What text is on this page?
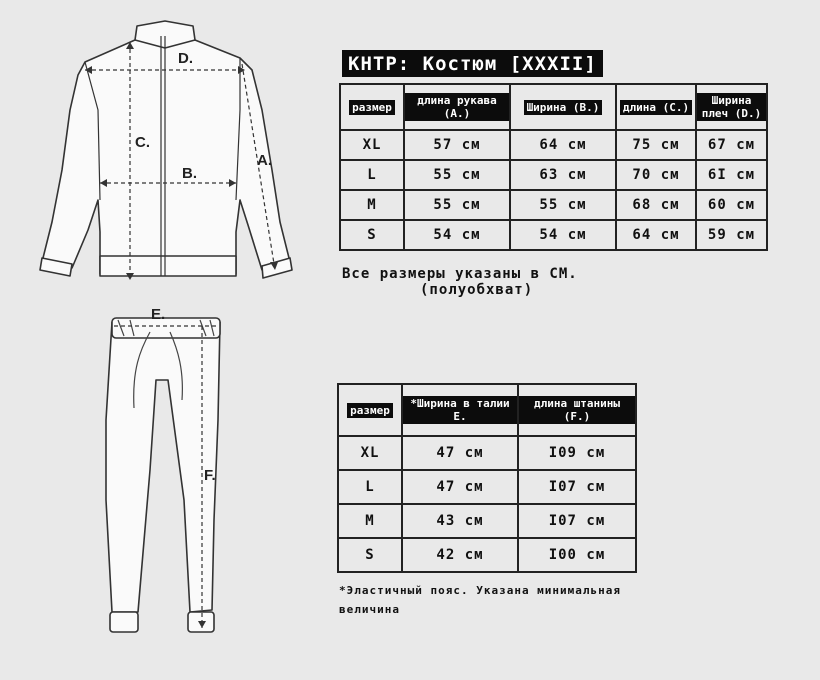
D.
C.
B.
A.
E.
F.
КНТР: Костюм [XXXII]
размер	длина рукава (A.)	Ширина (B.)	длина (C.)	Ширина плеч (D.)
XL	57 см	64 см	75 см	67 см
L	55 см	63 см	70 см	6I см
M	55 см	55 см	68 см	60 см
S	54 см	54 см	64 см	59 см
Все размеры указаны в СМ.
(полуобхват)
размер	*Ширина в талии E.	длина штанины (F.)
XL	47 см	I09 см
L	47 см	I07 см
M	43 см	I07 см
S	42 см	I00 см
*Эластичный пояс. Указана минимальная
величина
